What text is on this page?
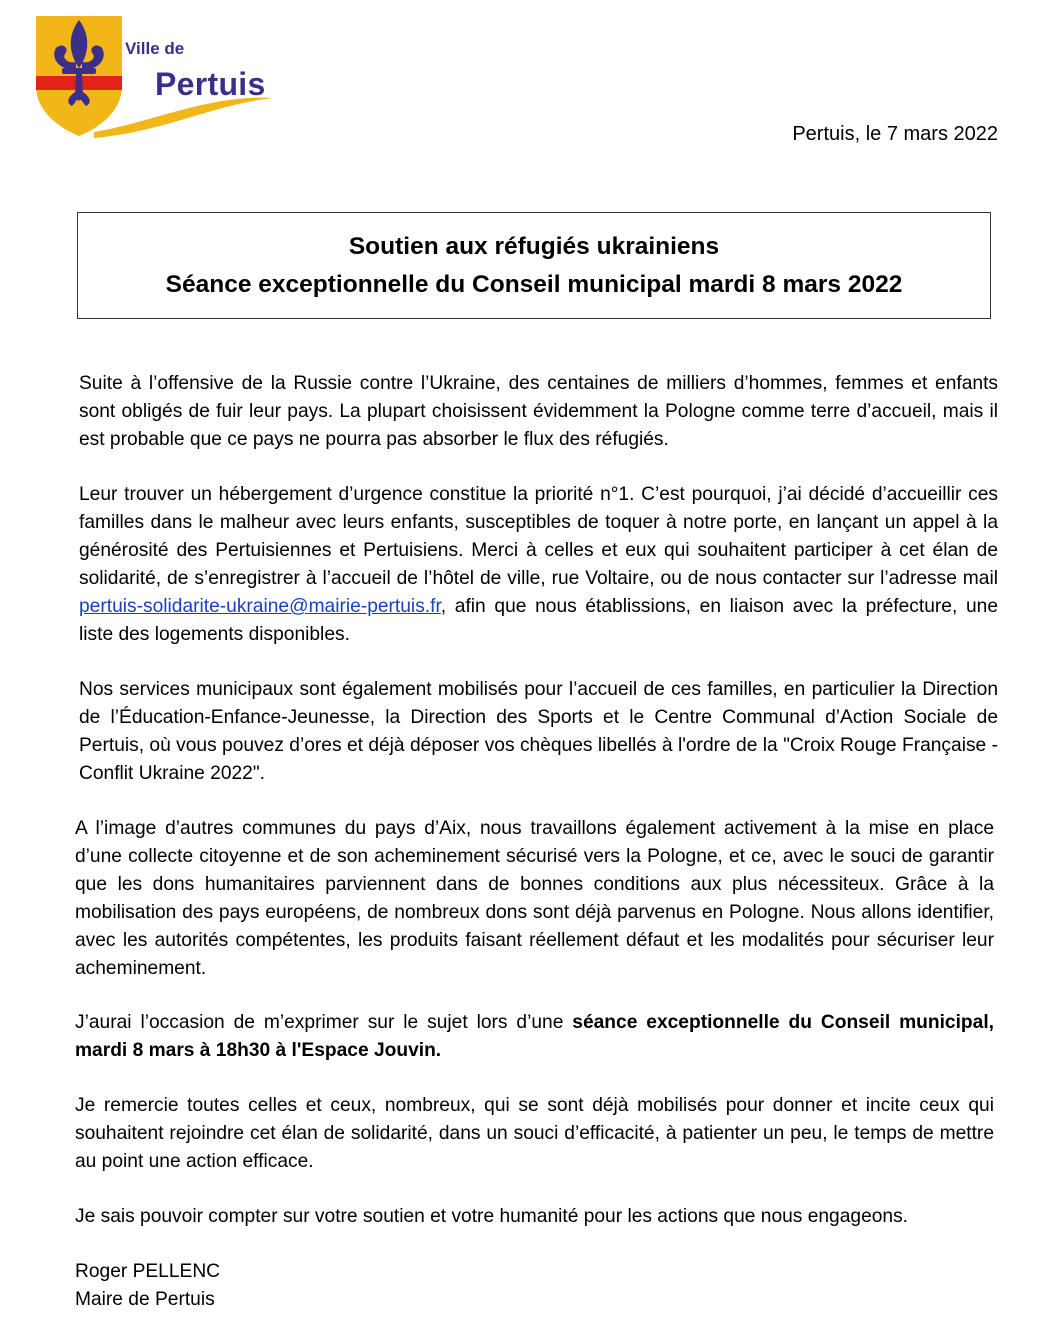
Ville de
Pertuis
Pertuis, le 7 mars 2022
Soutien aux réfugiés ukrainiens
Séance exceptionnelle du Conseil municipal mardi 8 mars 2022

Suite à l’offensive de la Russie contre l’Ukraine, des centaines de milliers d’hommes, femmes et enfants sont obligés de fuir leur pays. La plupart choisissent évidemment la Pologne comme terre d’accueil, mais il est probable que ce pays ne pourra pas absorber le flux des réfugiés.

Leur trouver un hébergement d’urgence constitue la priorité n°1. C’est pourquoi, j’ai décidé d’accueillir ces familles dans le malheur avec leurs enfants, susceptibles de toquer à notre porte, en lançant un appel à la générosité des Pertuisiennes et Pertuisiens. Merci à celles et eux qui souhaitent participer à cet élan de solidarité, de s’enregistrer à l’accueil de l’hôtel de ville, rue Voltaire, ou de nous contacter sur l’adresse mail pertuis-solidarite-ukraine@mairie-pertuis.fr, afin que nous établissions, en liaison avec la préfecture, une liste des logements disponibles.

Nos services municipaux sont également mobilisés pour l’accueil de ces familles, en particulier la Direction de l’Éducation-Enfance-Jeunesse, la Direction des Sports et le Centre Communal d’Action Sociale de Pertuis, où vous pouvez d’ores et déjà déposer vos chèques libellés à l'ordre de la "Croix Rouge Française - Conflit Ukraine 2022".

A l’image d’autres communes du pays d’Aix, nous travaillons également activement à la mise en place d’une collecte citoyenne et de son acheminement sécurisé vers la Pologne, et ce, avec le souci de garantir que les dons humanitaires parviennent dans de bonnes conditions aux plus nécessiteux. Grâce à la mobilisation des pays européens, de nombreux dons sont déjà parvenus en Pologne. Nous allons identifier, avec les autorités compétentes, les produits faisant réellement défaut et les modalités pour sécuriser leur acheminement.

J’aurai l’occasion de m’exprimer sur le sujet lors d’une séance exceptionnelle du Conseil municipal, mardi 8 mars à 18h30 à l'Espace Jouvin.

Je remercie toutes celles et ceux, nombreux, qui se sont déjà mobilisés pour donner et incite ceux qui souhaitent rejoindre cet élan de solidarité, dans un souci d’efficacité, à patienter un peu, le temps de mettre au point une action efficace.

Je sais pouvoir compter sur votre soutien et votre humanité pour les actions que nous engageons.

Roger PELLENC
Maire de Pertuis
